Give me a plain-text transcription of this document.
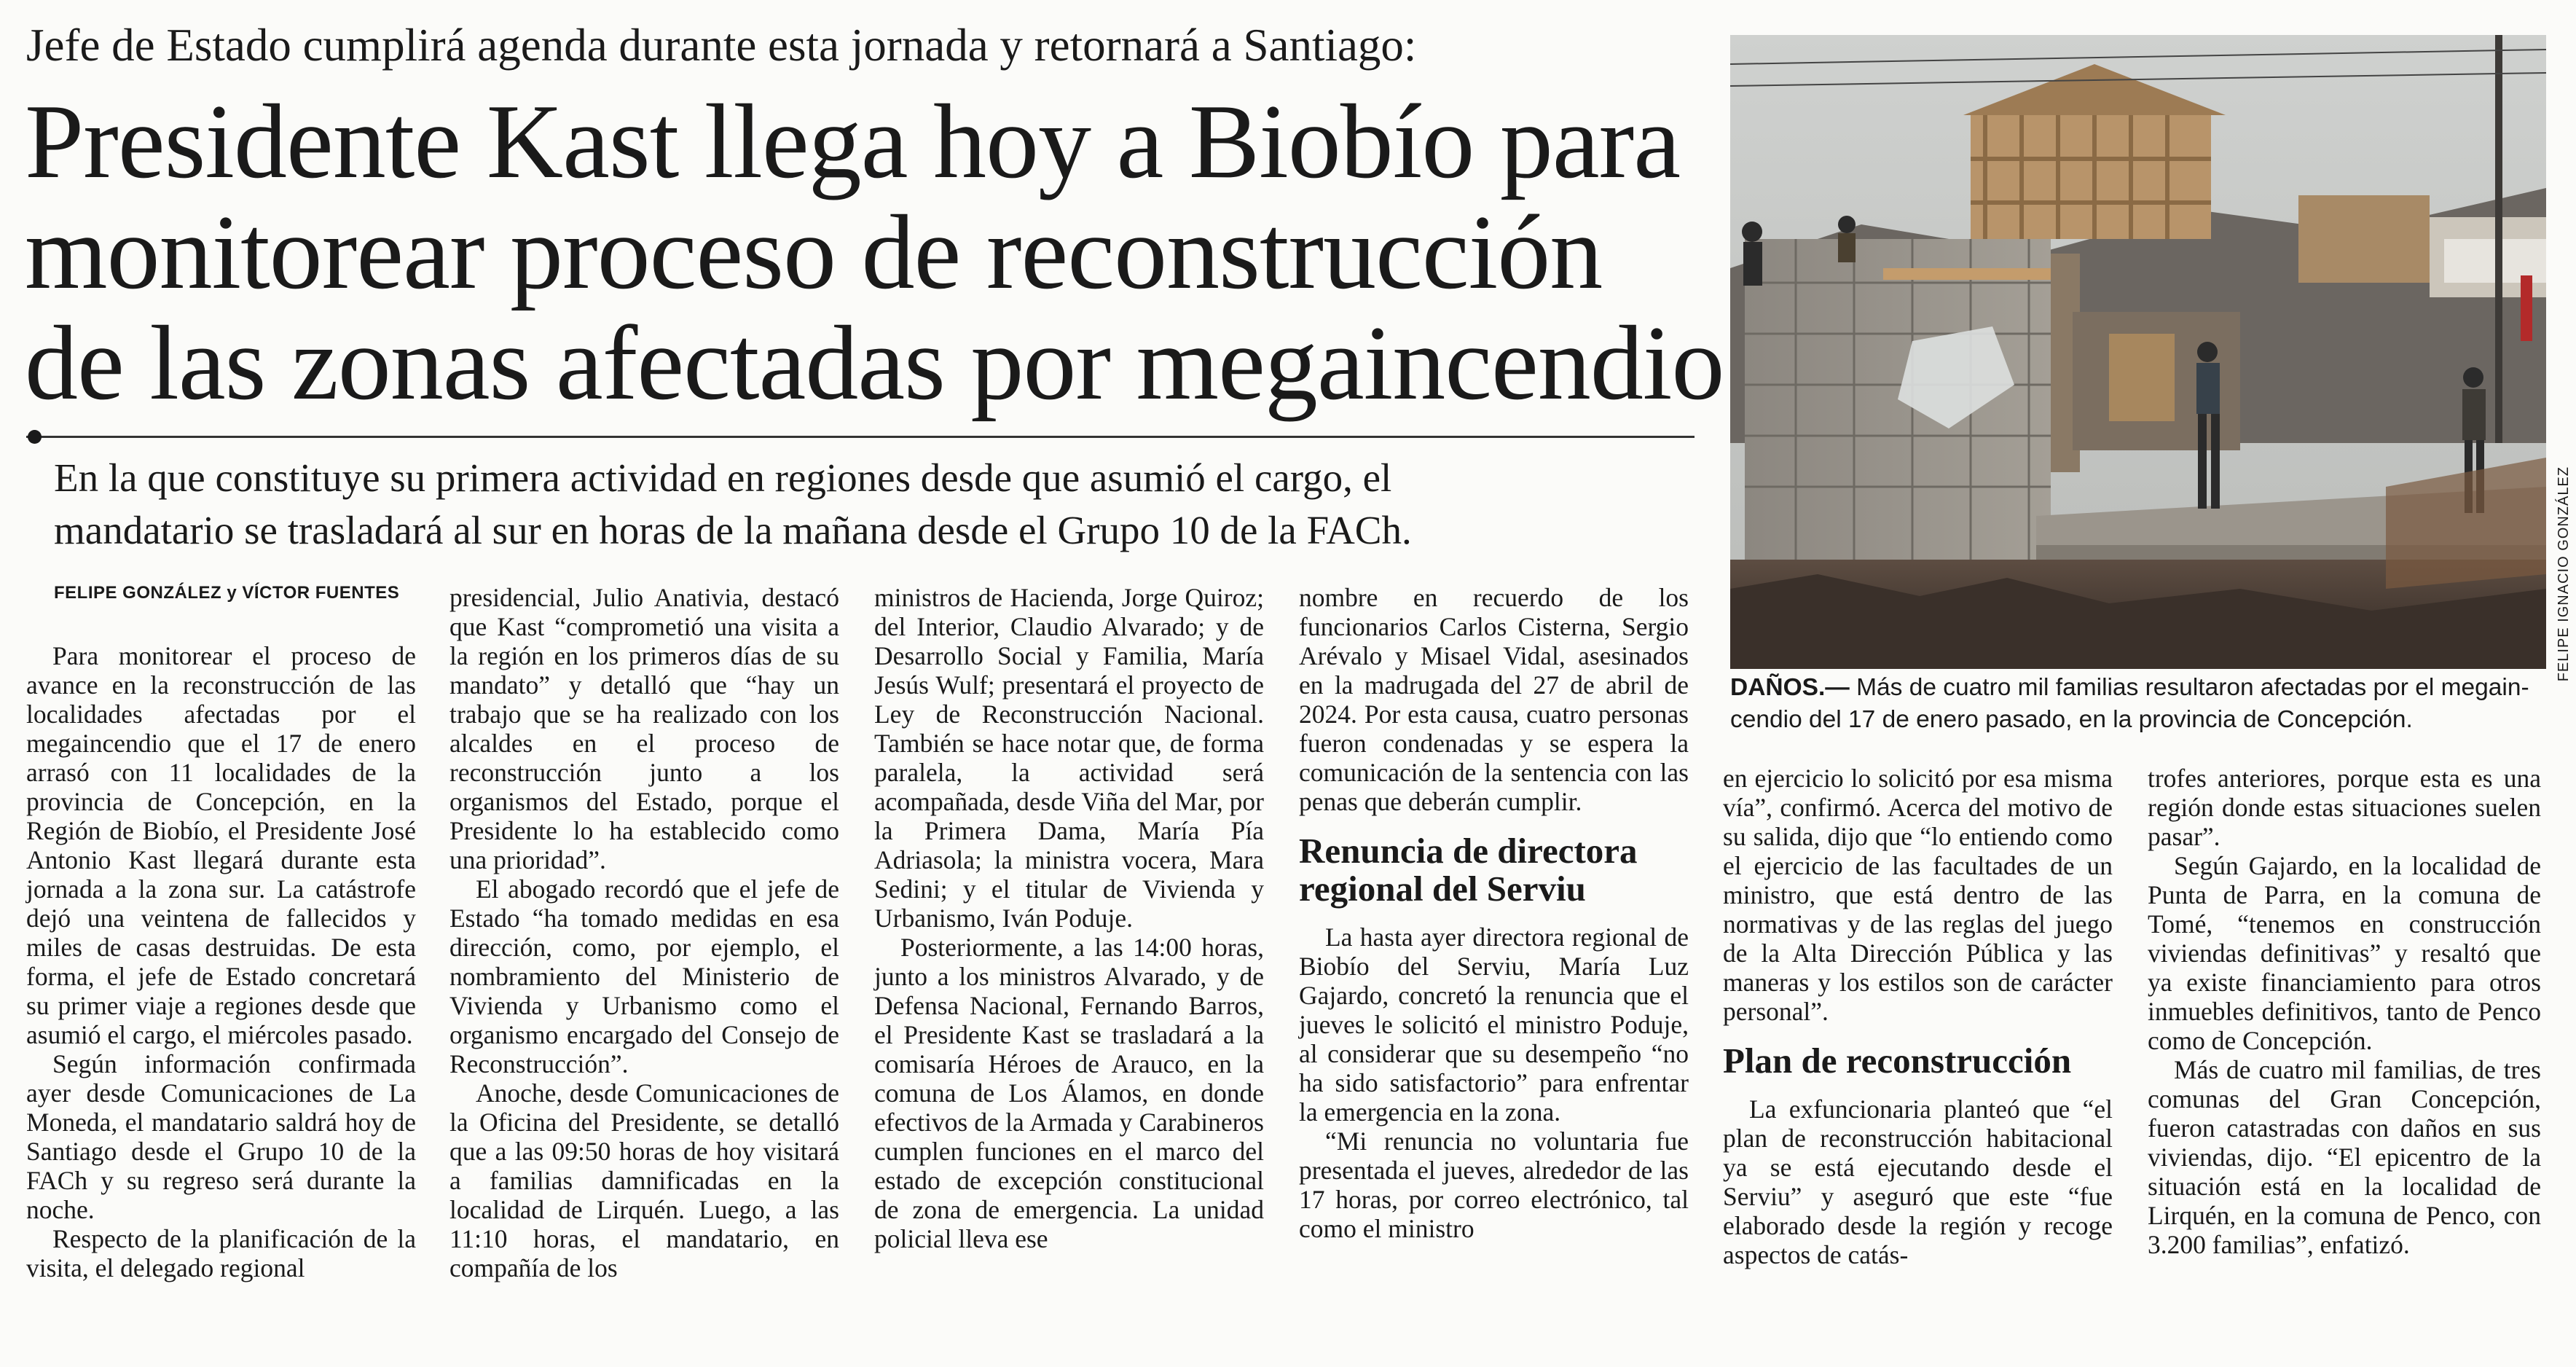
Jefe de Estado cumplirá agenda durante esta jornada y retornará a Santiago:
Presidente Kast llega hoy a Biobío para
monitorear proceso de reconstrucción
de las zonas afectadas por megaincendio
En la que constituye su primera actividad en regiones desde que asumió el cargo, el
mandatario se trasladará al sur en horas de la mañana desde el Grupo 10 de la FACh.
FELIPE GONZÁLEZ y VÍCTOR FUENTES

Para monitorear el proceso de avance en la reconstrucción de las localidades afectadas por el megaincendio que el 17 de enero arrasó con 11 localidades de la provincia de Concepción, en la Región de Biobío, el Presidente José Antonio Kast llegará durante esta jornada a la zona sur. La catástrofe dejó una veintena de fallecidos y miles de casas destruidas. De esta forma, el jefe de Estado concretará su primer viaje a regiones desde que asumió el cargo, el miércoles pasado.

Según información confirmada ayer desde Comunicaciones de La Moneda, el mandatario saldrá hoy de Santiago desde el Grupo 10 de la FACh y su regreso será durante la noche.

Respecto de la planificación de la visita, el delegado regional

presidencial, Julio Anativia, destacó que Kast “comprometió una visita a la región en los primeros días de su mandato” y detalló que “hay un trabajo que se ha realizado con los alcaldes en el proceso de reconstrucción junto a los organismos del Estado, porque el Presidente lo ha establecido como una prioridad”.

El abogado recordó que el jefe de Estado “ha tomado medidas en esa dirección, como, por ejemplo, el nombramiento del Ministerio de Vivienda y Urbanismo como el organismo encargado del Consejo de Reconstrucción”.

Anoche, desde Comunicaciones de la Oficina del Presidente, se detalló que a las 09:50 horas de hoy visitará a familias damnificadas en la localidad de Lirquén. Luego, a las 11:10 horas, el mandatario, en compañía de los

ministros de Hacienda, Jorge Quiroz; del Interior, Claudio Alvarado; y de Desarrollo Social y Familia, María Jesús Wulf; presentará el proyecto de Ley de Reconstrucción Nacional. También se hace notar que, de forma paralela, la actividad será acompañada, desde Viña del Mar, por la Primera Dama, María Pía Adriasola; la ministra vocera, Mara Sedini; y el titular de Vivienda y Urbanismo, Iván Poduje.

Posteriormente, a las 14:00 horas, junto a los ministros Alvarado, y de Defensa Nacional, Fernando Barros, el Presidente Kast se trasladará a la comisaría Héroes de Arauco, en la comuna de Los Álamos, en donde efectivos de la Armada y Carabineros cumplen funciones en el marco del estado de excepción constitucional de zona de emergencia. La unidad policial lleva ese

nombre en recuerdo de los funcionarios Carlos Cisterna, Sergio Arévalo y Misael Vidal, asesinados en la madrugada del 27 de abril de 2024. Por esta causa, cuatro personas fueron condenadas y se espera la comunicación de la sentencia con las penas que deberán cumplir.

Renuncia de directora regional del Serviu

La hasta ayer directora regional de Biobío del Serviu, María Luz Gajardo, concretó la renuncia que el jueves le solicitó el ministro Poduje, al considerar que su desempeño “no ha sido satisfactorio” para enfrentar la emergencia en la zona.

“Mi renuncia no voluntaria fue presentada el jueves, alrededor de las 17 horas, por correo electrónico, tal como el ministro

en ejercicio lo solicitó por esa misma vía”, confirmó. Acerca del motivo de su salida, dijo que “lo entiendo como el ejercicio de las facultades de un ministro, que está dentro de las normativas y de las reglas del juego de la Alta Dirección Pública y las maneras y los estilos son de carácter personal”.

Plan de reconstrucción

La exfuncionaria planteó que “el plan de reconstrucción habitacional ya se está ejecutando desde el Serviu” y aseguró que este “fue elaborado desde la región y recoge aspectos de catás-

trofes anteriores, porque esta es una región donde estas situaciones suelen pasar”.

Según Gajardo, en la localidad de Punta de Parra, en la comuna de Tomé, “tenemos en construcción viviendas definitivas” y resaltó que ya existe financiamiento para otros inmuebles definitivos, tanto de Penco como de Concepción.

Más de cuatro mil familias, de tres comunas del Gran Concepción, fueron catastradas con daños en sus viviendas, dijo. “El epicentro de la situación está en la localidad de Lirquén, en la comuna de Penco, con 3.200 familias”, enfatizó.

FELIPE IGNACIO GONZÁLEZ
DAÑOS.— Más de cuatro mil familias resultaron afectadas por el megain-
cendio del 17 de enero pasado, en la provincia de Concepción.
